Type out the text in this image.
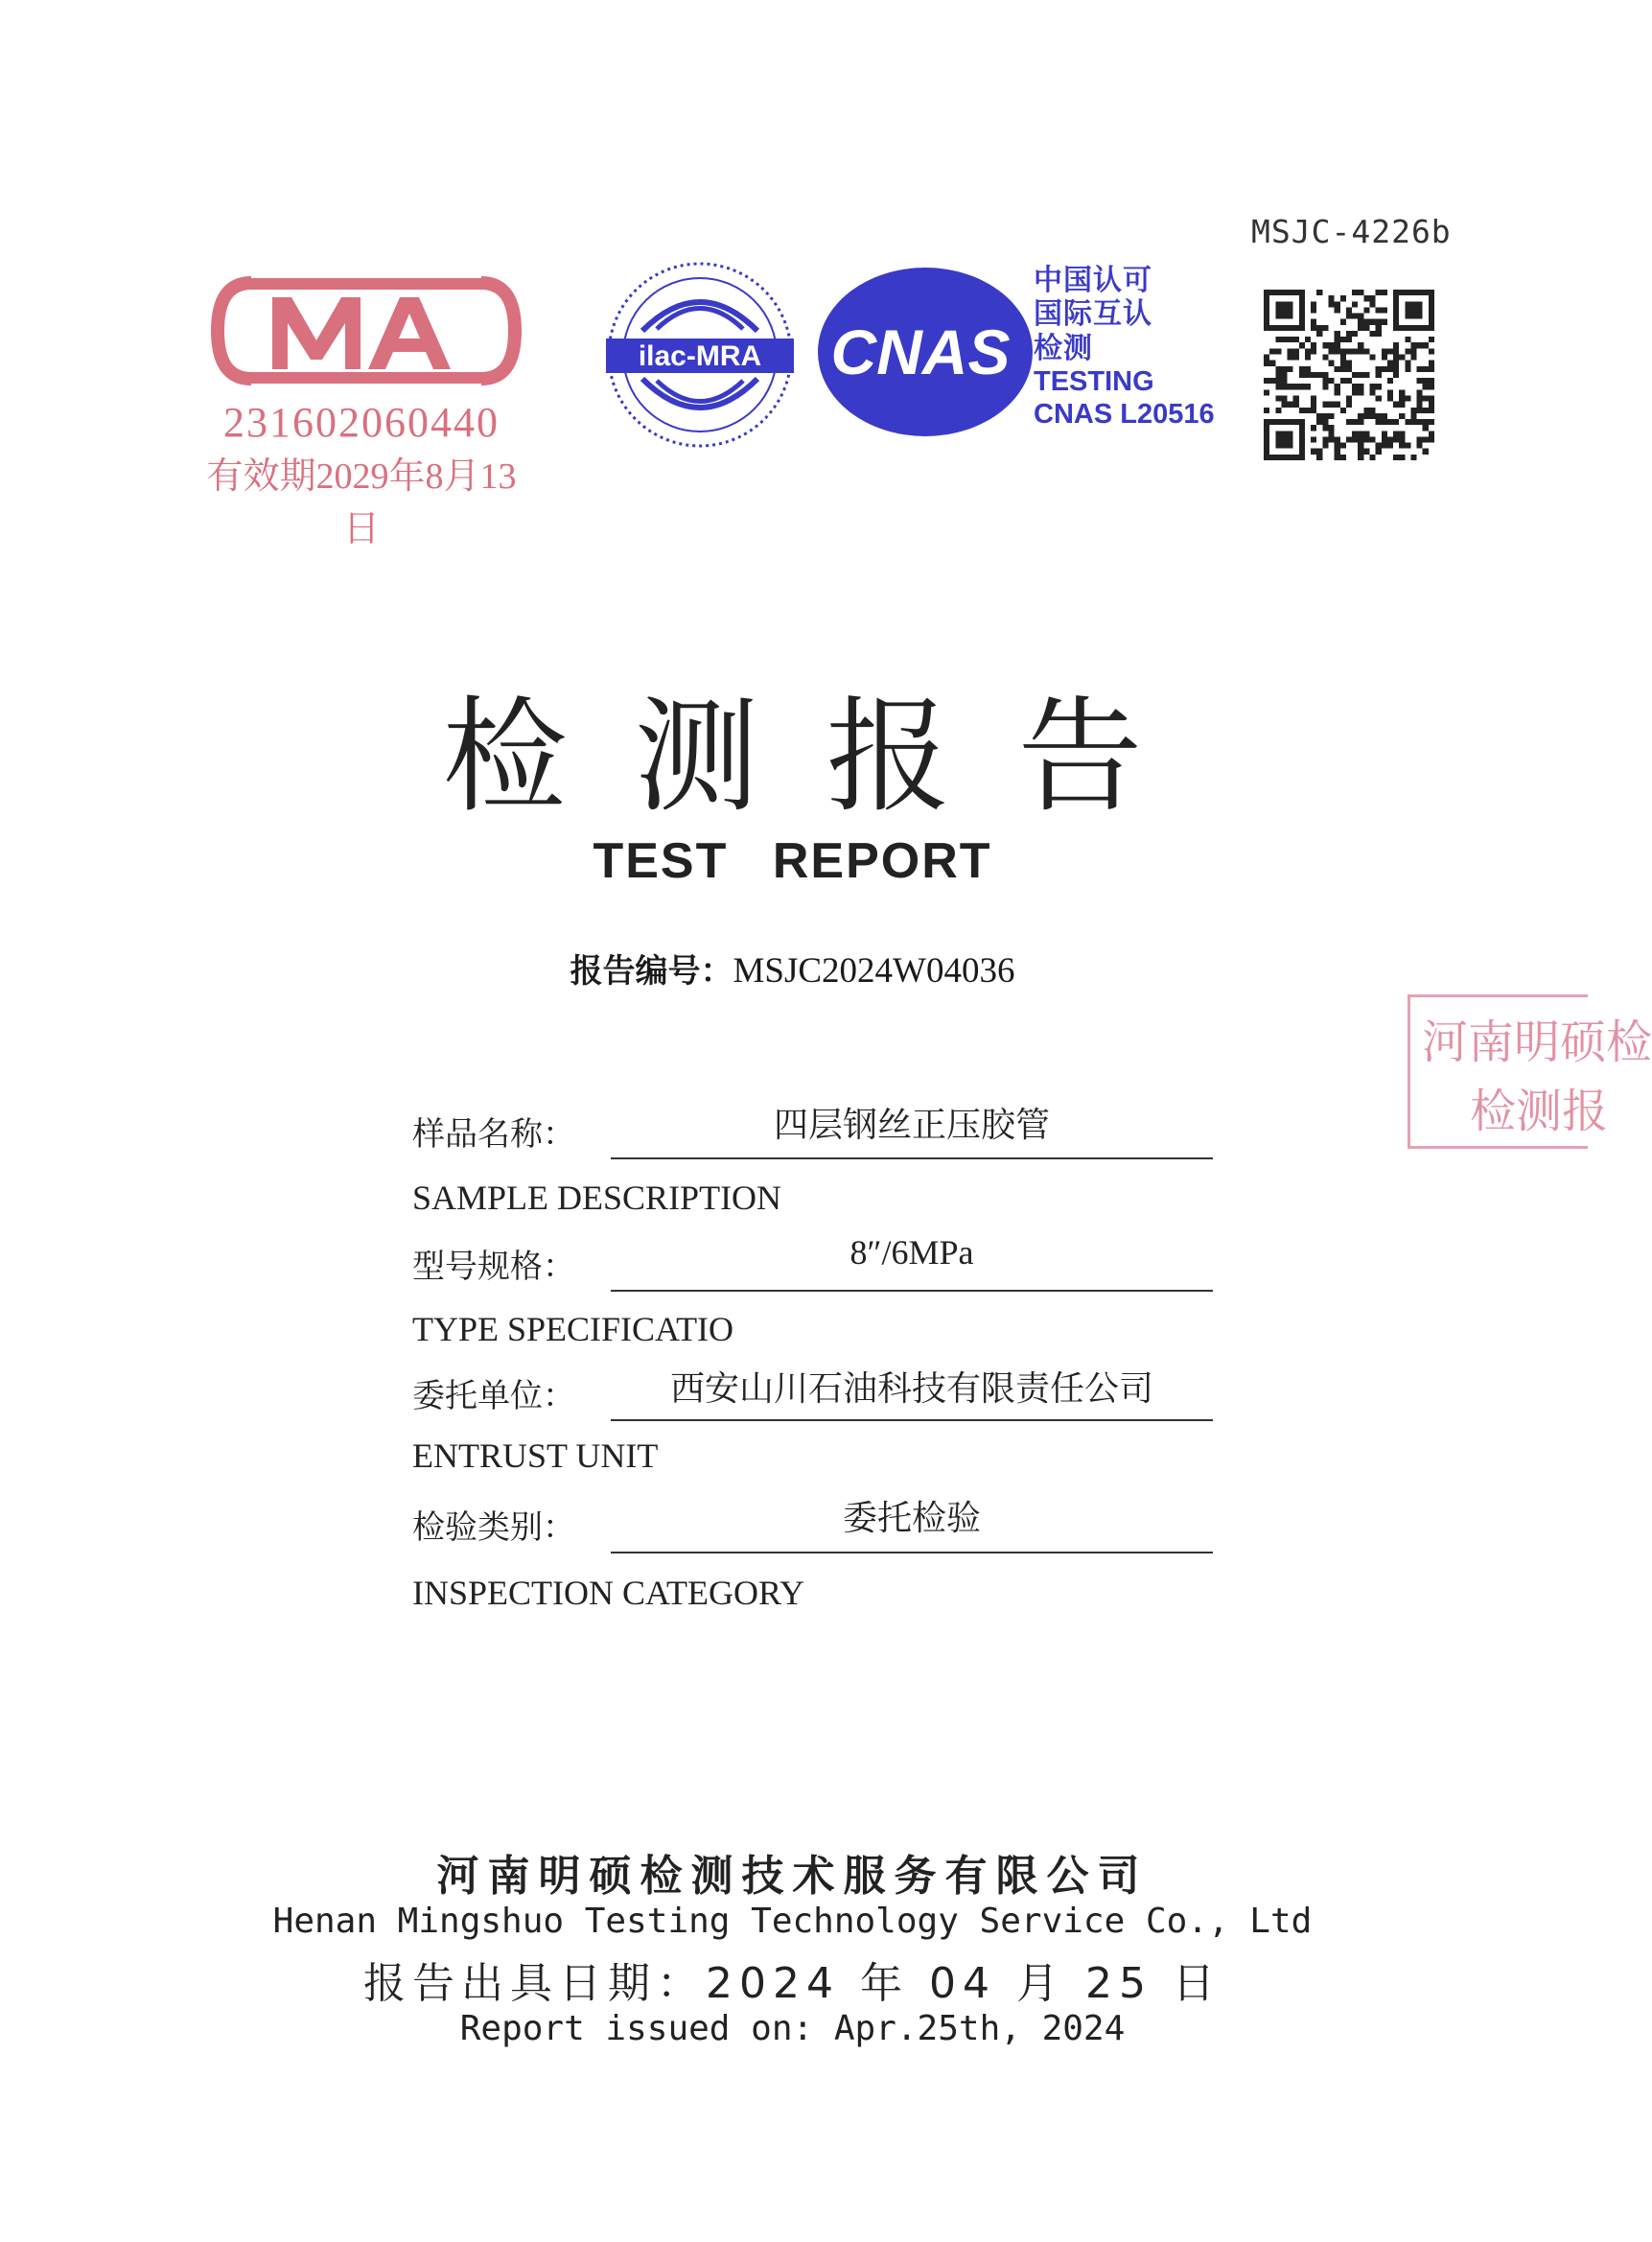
MSJC-4226b
231602060440
有效期2029年8月13日
ilac-MRA CNAS
中国认可
国际互认
检测
TESTING
CNAS L20516
检测报告
TEST REPORT
报告编号：MSJC2024W04036
河南明硕检
检测报
样品名称：	四层钢丝正压胶管
SAMPLE DESCRIPTION
型号规格：	8″/6MPa
TYPE SPECIFICATIO
委托单位：	西安山川石油科技有限责任公司
ENTRUST UNIT
检验类别：	委托检验
INSPECTION CATEGORY
河南明硕检测技术服务有限公司
Henan Mingshuo Testing Technology Service Co., Ltd
报告出具日期：2024 年 04 月 25 日
Report issued on: Apr.25th, 2024
